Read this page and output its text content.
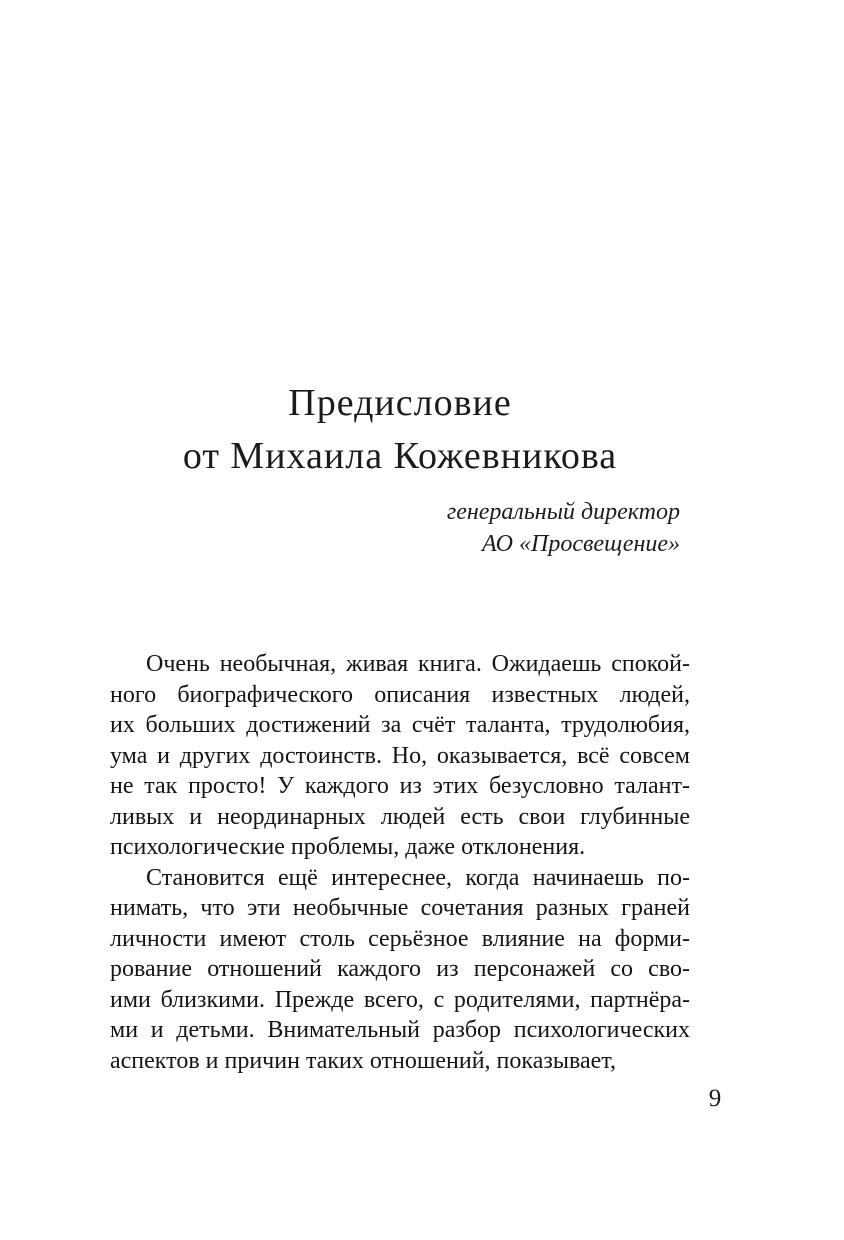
Предисловие
от Михаила Кожевникова
генеральный директор
АО «Просвещение»
Очень необычная, живая книга. Ожидаешь спокой-
ного биографического описания известных людей,
их больших достижений за счёт таланта, трудолюбия,
ума и других достоинств. Но, оказывается, всё совсем
не так просто! У каждого из этих безусловно талант-
ливых и неординарных людей есть свои глубинные
психологические проблемы, даже отклонения.
Становится ещё интереснее, когда начинаешь по-
нимать, что эти необычные сочетания разных граней
личности имеют столь серьёзное влияние на форми-
рование отношений каждого из персонажей со сво-
ими близкими. Прежде всего, с родителями, партнёра-
ми и детьми. Внимательный разбор психологических
аспектов и причин таких отношений, показывает,
9
